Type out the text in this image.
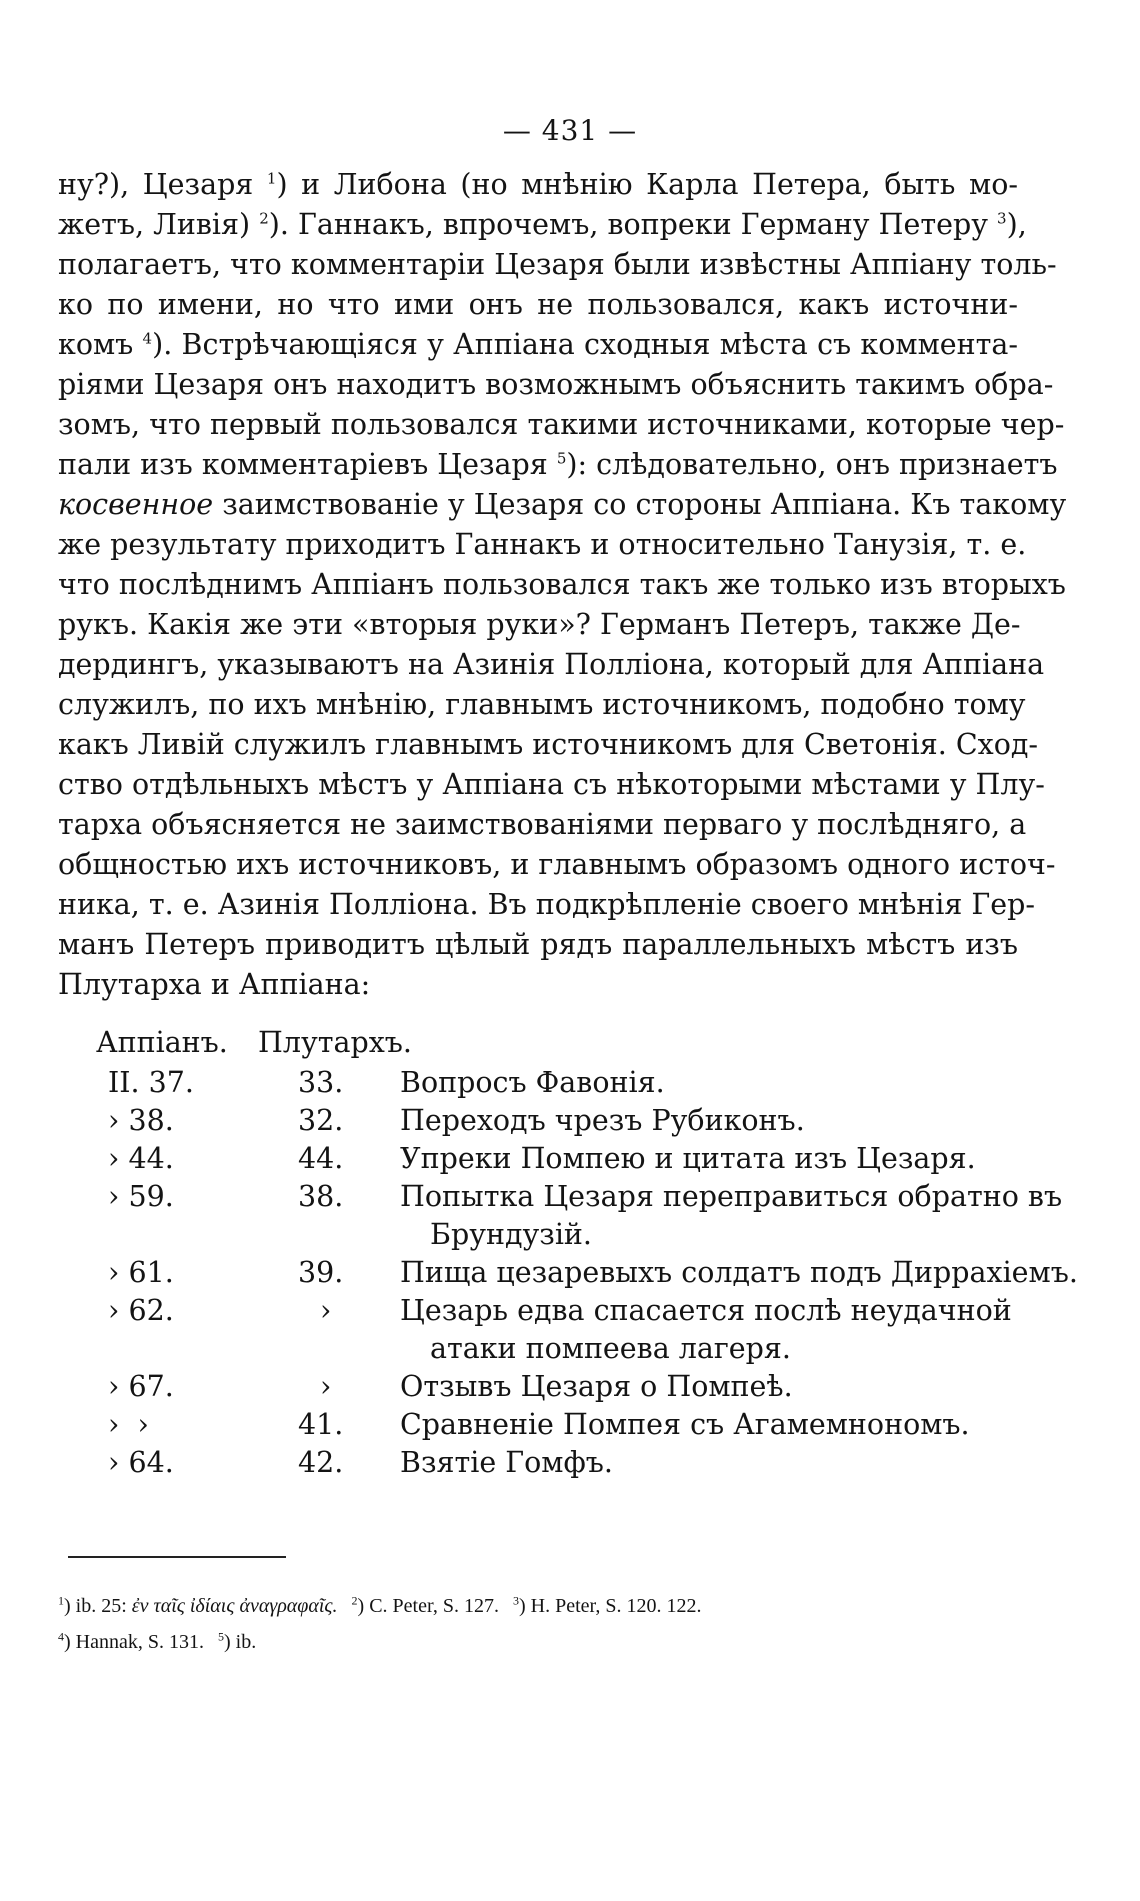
— 431 —
ну?), Цезаря $^1$) и Либона (но мнѣнію Карла Петера, быть мо-
жетъ, Ливія) $^2$). Ганнакъ, впрочемъ, вопреки Герману Петеру $^3$),
полагаетъ, что комментаріи Цезаря были извѣстны Аппіану толь-
ко по имени, но что ими онъ не пользовался, какъ источни-
комъ $^4$). Встрѣчающіяся у Аппіана сходныя мѣста съ коммента-
ріями Цезаря онъ находитъ возможнымъ объяснить такимъ обра-
зомъ, что первый пользовался такими источниками, которые чер-
пали изъ комментаріевъ Цезаря $^5$): слѣдовательно, онъ признаетъ
косвенное заимствованіе у Цезаря со стороны Аппіана. Къ такому
же результату приходитъ Ганнакъ и относительно Танузія, т. е.
что послѣднимъ Аппіанъ пользовался такъ же только изъ вторыхъ
рукъ. Какія же эти «вторыя руки»? Германъ Петеръ, также Де-
дердингъ, указываютъ на Азинія Поллiона, который для Аппіана
служилъ, по ихъ мнѣнію, главнымъ источникомъ, подобно тому
какъ Ливій служилъ главнымъ источникомъ для Светонія. Сход-
ство отдѣльныхъ мѣстъ у Аппіана съ нѣкоторыми мѣстами у Плу-
тарха объясняется не заимствованіями перваго у послѣдняго, а
общностью ихъ источниковъ, и главнымъ образомъ одного источ-
ника, т. е. Азинія Поллiона. Въ подкрѣпленіе своего мнѣнія Гер-
манъ Петеръ приводитъ цѣлый рядъ параллельныхъ мѣстъ изъ
Плутарха и Аппіана:
Аппіанъ. Плутархъ.
II. 37.	33. Вопросъ Фавонія.
› 38.	32. Переходъ чрезъ Рубиконъ.
› 44.	44. Упреки Помпею и цитата изъ Цезаря.
› 59.	38. Попытка Цезаря переправиться обратно въ
Брундузій.
› 61.	39. Пища цезаревыхъ солдатъ подъ Диррахіемъ.
› 62.	› Цезарь едва спасается послѣ неудачной
атаки помпеева лагеря.
› 67.	› Отзывъ Цезаря о Помпеѣ.
›  ›	41. Сравненіе Помпея съ Агамемнономъ.
› 64.	42. Взятіе Гомфъ.
$^1$) ib. 25: ἐν ταῖς ἰδίαις ἀναγραφαῖς. $^2$) C. Peter, S. 127. $^3$) H. Peter, S. 120. 122.
$^4$) Hannak, S. 131. $^5$) ib.
